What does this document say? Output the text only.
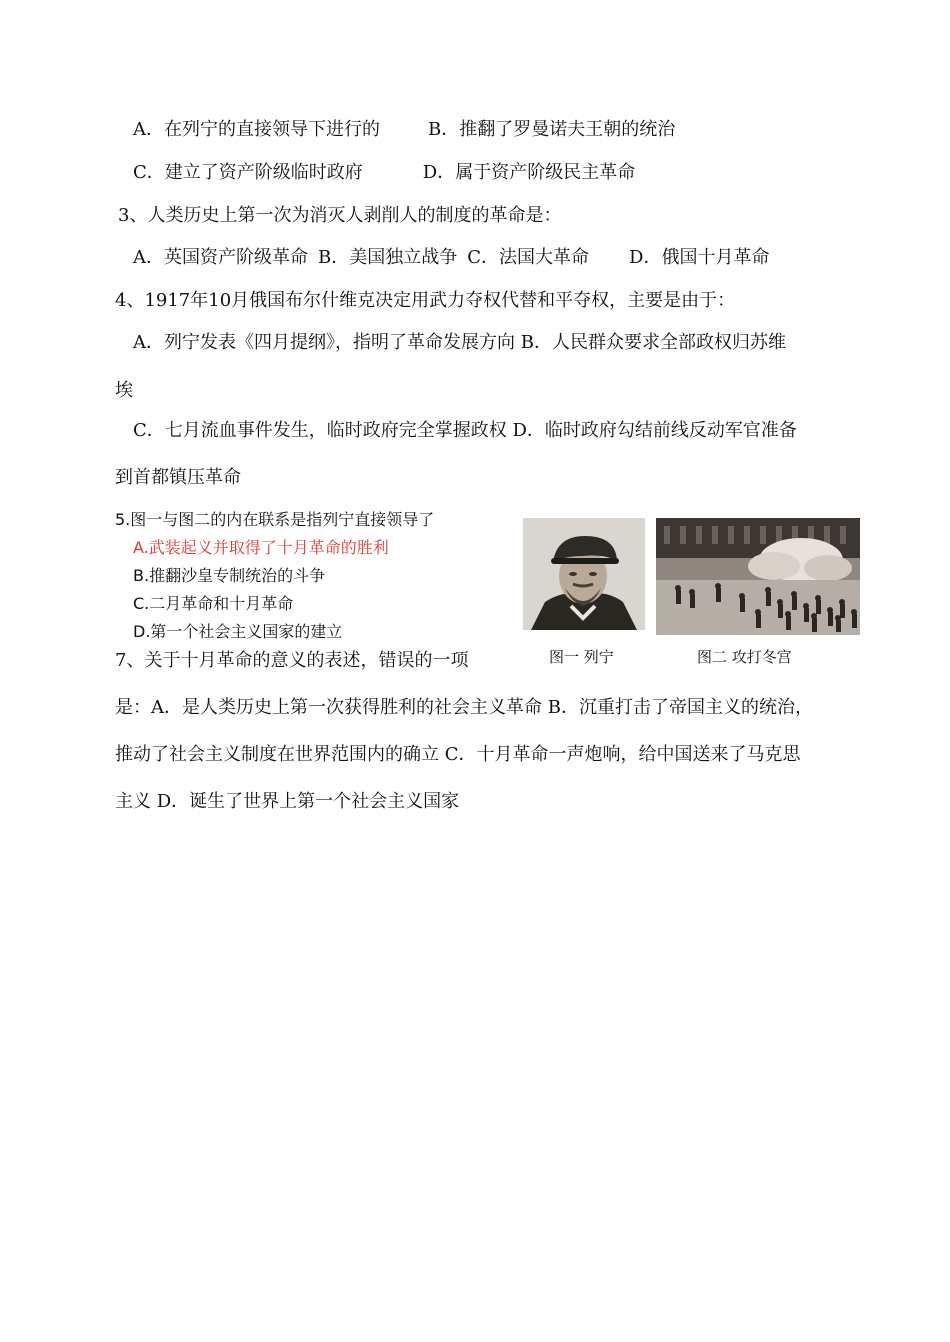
A．在列宁的直接领导下进行的	B．推翻了罗曼诺夫王朝的统治
C．建立了资产阶级临时政府	D．属于资产阶级民主革命
3、人类历史上第一次为消灭人剥削人的制度的革命是：
A．英国资产阶级革命 B．美国独立战争 C．法国大革命 D．俄国十月革命
4、1917年10月俄国布尔什维克决定用武力夺权代替和平夺权，主要是由于：
A．列宁发表《四月提纲》，指明了革命发展方向 B．人民群众要求全部政权归苏维
埃
C．七月流血事件发生，临时政府完全掌握政权 D．临时政府勾结前线反动军官准备
到首都镇压革命
5.图一与图二的内在联系是指列宁直接领导了
A.武装起义并取得了十月革命的胜利
B.推翻沙皇专制统治的斗争
C.二月革命和十月革命
D.第一个社会主义国家的建立
图一 列宁	图二 攻打冬宫
7、关于十月革命的意义的表述，错误的一项
是：A．是人类历史上第一次获得胜利的社会主义革命 B．沉重打击了帝国主义的统治，
推动了社会主义制度在世界范围内的确立 C．十月革命一声炮响，给中国送来了马克思
主义 D．诞生了世界上第一个社会主义国家
